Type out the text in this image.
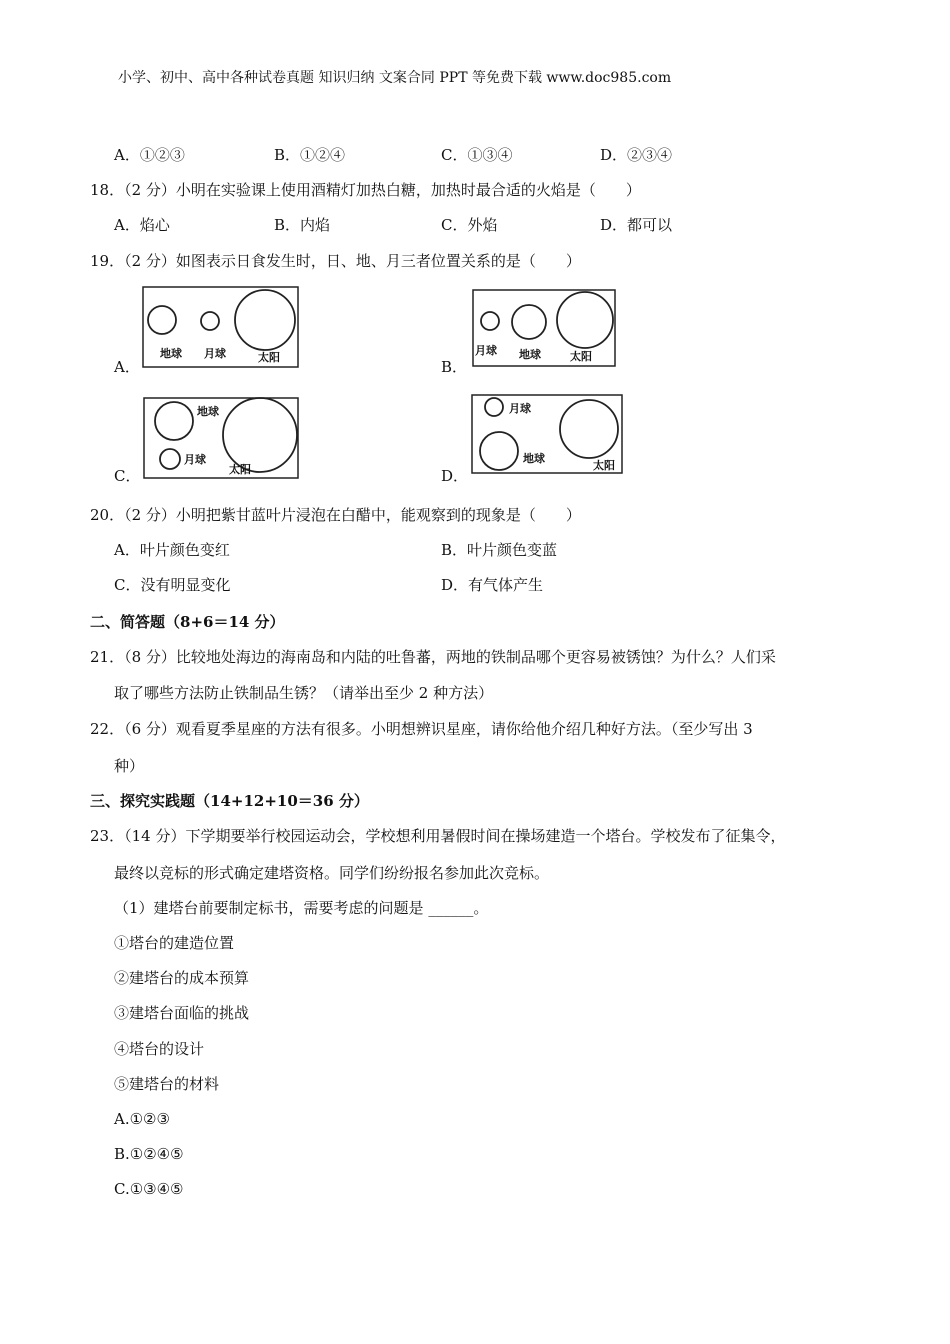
小学、初中、高中各种试卷真题 知识归纳 文案合同 PPT 等免费下载 www.doc985.com
A．①②③	B．①②④	C．①③④	D．②③④
18．（2 分）小明在实验课上使用酒精灯加热白糖，加热时最合适的火焰是（　　）
A．焰心	B．内焰	C．外焰	D．都可以
19．（2 分）如图表示日食发生时，日、地、月三者位置关系的是（　　）
A．
地球 月球	太阳
B．
月球 地球	太阳
C．
地球
月球
太阳	D．
月球
地球
太阳
20．（2 分）小明把紫甘蓝叶片浸泡在白醋中，能观察到的现象是（　　）
A．叶片颜色变红	B．叶片颜色变蓝
C．没有明显变化	D．有气体产生
二、简答题（8+6＝14 分）
21．（8 分）比较地处海边的海南岛和内陆的吐鲁蕃，两地的铁制品哪个更容易被锈蚀？为什么？人们采
取了哪些方法防止铁制品生锈？（请举出至少 2 种方法）
22．（6 分）观看夏季星座的方法有很多。小明想辨识星座，请你给他介绍几种好方法。（至少写出 3
种）
三、探究实践题（14+12+10＝36 分）
23．（14 分）下学期要举行校园运动会，学校想利用暑假时间在操场建造一个塔台。学校发布了征集令，
最终以竞标的形式确定建塔资格。同学们纷纷报名参加此次竞标。
（1）建塔台前要制定标书，需要考虑的问题是 ______。
①塔台的建造位置
②建塔台的成本预算
③建塔台面临的挑战
④塔台的设计
⑤建塔台的材料
A.①②③
B.①②④⑤
C.①③④⑤
